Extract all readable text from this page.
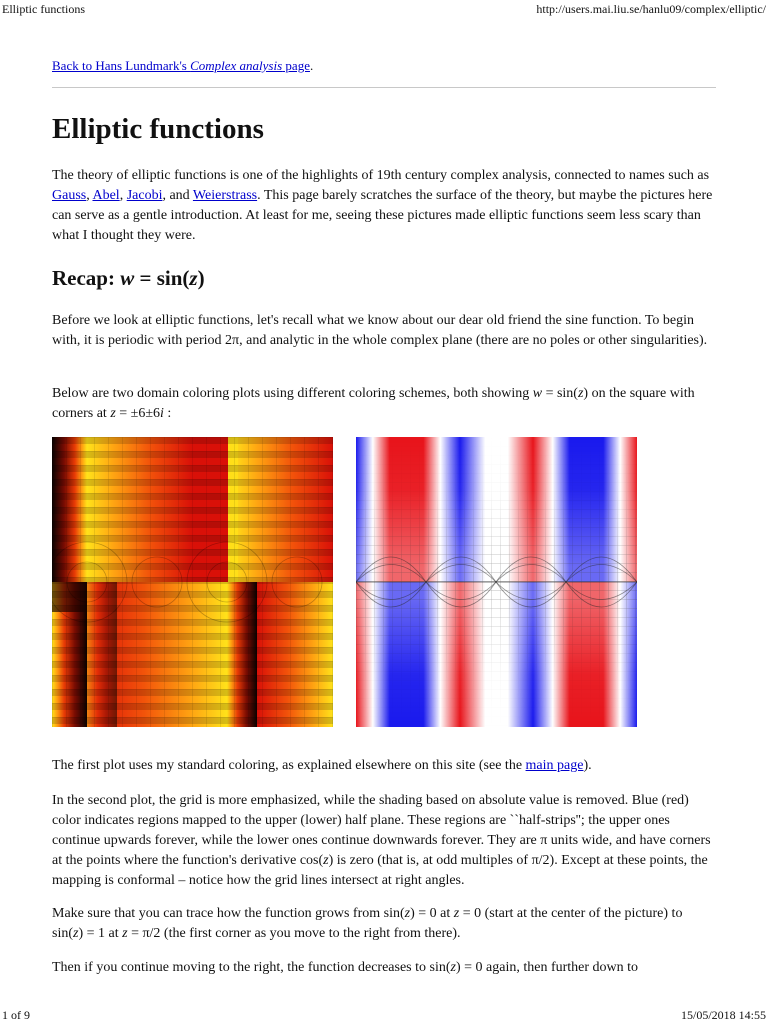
Elliptic functions	http://users.mai.liu.se/hanlu09/complex/elliptic/
Back to Hans Lundmark's Complex analysis page.
Elliptic functions

The theory of elliptic functions is one of the highlights of 19th century complex analysis, connected to names such as Gauss, Abel, Jacobi, and Weierstrass. This page barely scratches the surface of the theory, but maybe the pictures here can serve as a gentle introduction. At least for me, seeing these pictures made elliptic functions seem less scary than what I thought they were.

Recap: w = sin(z)

Before we look at elliptic functions, let's recall what we know about our dear old friend the sine function. To begin with, it is periodic with period 2π, and analytic in the whole complex plane (there are no poles or other singularities).

Below are two domain coloring plots using different coloring schemes, both showing w = sin(z) on the square with corners at z = ±6±6i :

The first plot uses my standard coloring, as explained elsewhere on this site (see the main page).

In the second plot, the grid is more emphasized, while the shading based on absolute value is removed. Blue (red) color indicates regions mapped to the upper (lower) half plane. These regions are ``half-strips''; the upper ones continue upwards forever, while the lower ones continue downwards forever. They are π units wide, and have corners at the points where the function's derivative cos(z) is zero (that is, at odd multiples of π/2). Except at these points, the mapping is conformal – notice how the grid lines intersect at right angles.

Make sure that you can trace how the function grows from sin(z) = 0 at z = 0 (start at the center of the picture) to sin(z) = 1 at z = π/2 (the first corner as you move to the right from there).

Then if you continue moving to the right, the function decreases to sin(z) = 0 again, then further down to

1 of 9	15/05/2018 14:55
